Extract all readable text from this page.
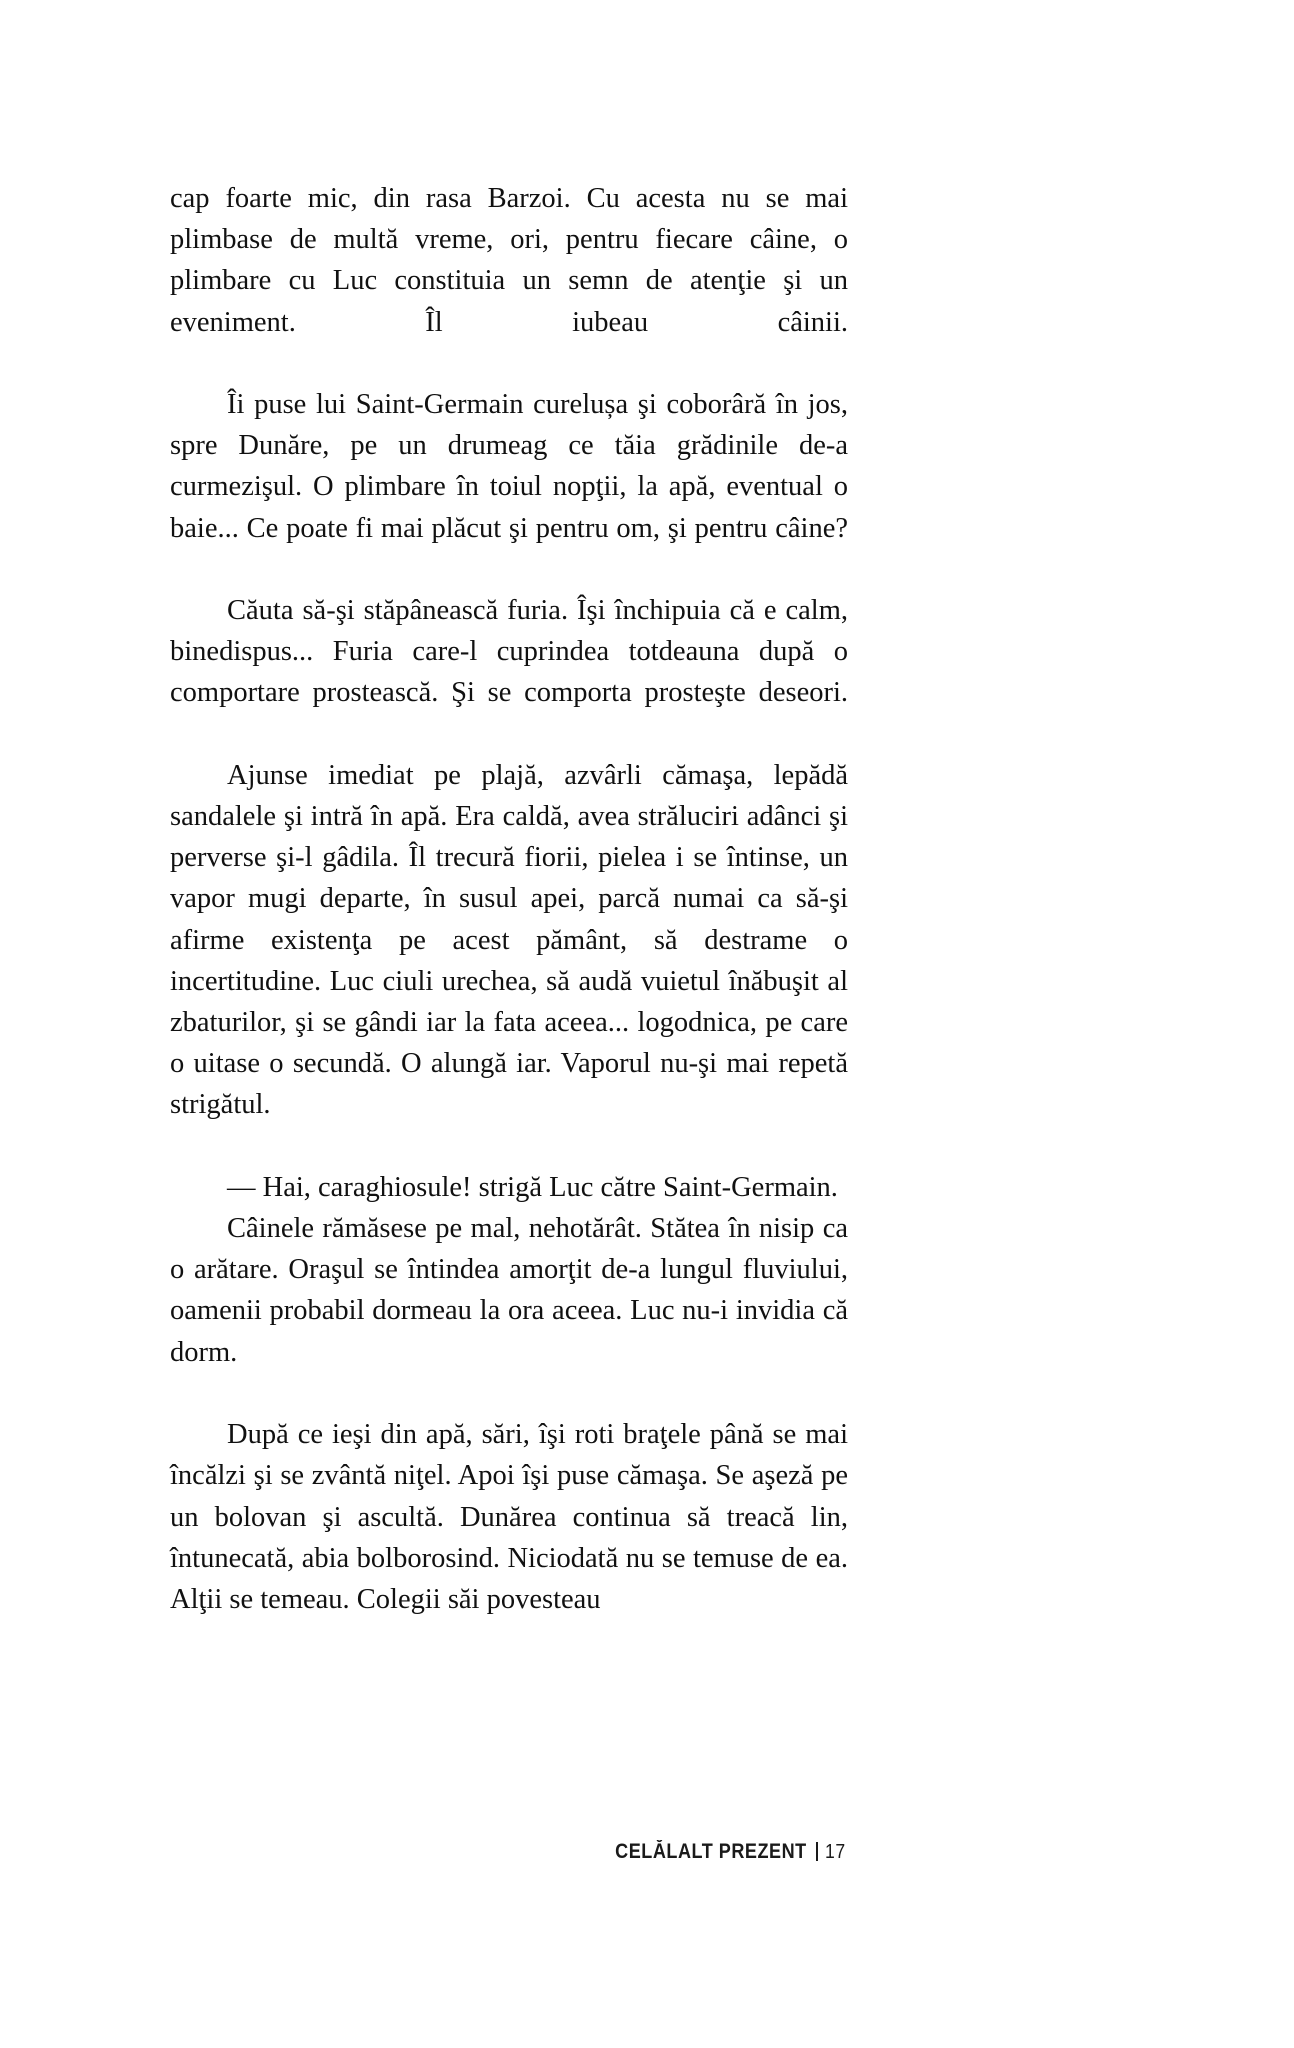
cap foarte mic, din rasa Barzoi. Cu acesta nu se mai plimbase de multă vreme, ori, pentru fiecare câine, o plimbare cu Luc constituia un semn de atenţie şi un eveniment. Îl iubeau câinii.

Îi puse lui Saint-Germain curelușa şi coborâră în jos, spre Dunăre, pe un drumeag ce tăia grădinile de-a curmezişul. O plimbare în toiul nopţii, la apă, eventual o baie... Ce poate fi mai plăcut şi pentru om, şi pentru câine?

Căuta să-şi stăpânească furia. Îşi închipuia că e calm, binedispus... Furia care-l cuprindea totdeauna după o comportare prostească. Şi se comporta prosteşte deseori.

Ajunse imediat pe plajă, azvârli cămaşa, lepădă sandalele şi intră în apă. Era caldă, avea străluciri adânci şi perverse şi-l gâdila. Îl trecură fiorii, pielea i se întinse, un vapor mugi departe, în susul apei, parcă numai ca să-şi afirme existenţa pe acest pământ, să destrame o incertitudine. Luc ciuli urechea, să audă vuietul înăbuşit al zbaturilor, şi se gândi iar la fata aceea... logodnica, pe care o uitase o secundă. O alungă iar. Vaporul nu-şi mai repetă strigătul.

— Hai, caraghiosule! strigă Luc către Saint-Germain.

Câinele rămăsese pe mal, nehotărât. Stătea în nisip ca o arătare. Oraşul se întindea amorţit de-a lungul fluviului, oamenii probabil dormeau la ora aceea. Luc nu-i invidia că dorm.

După ce ieşi din apă, sări, îşi roti braţele până se mai încălzi şi se zvântă niţel. Apoi îşi puse cămaşa. Se aşeză pe un bolovan şi ascultă. Dunărea continua să treacă lin, întunecată, abia bolborosind. Niciodată nu se temuse de ea. Alţii se temeau. Colegii săi povesteau

CELĂLALT PREZENT 17
